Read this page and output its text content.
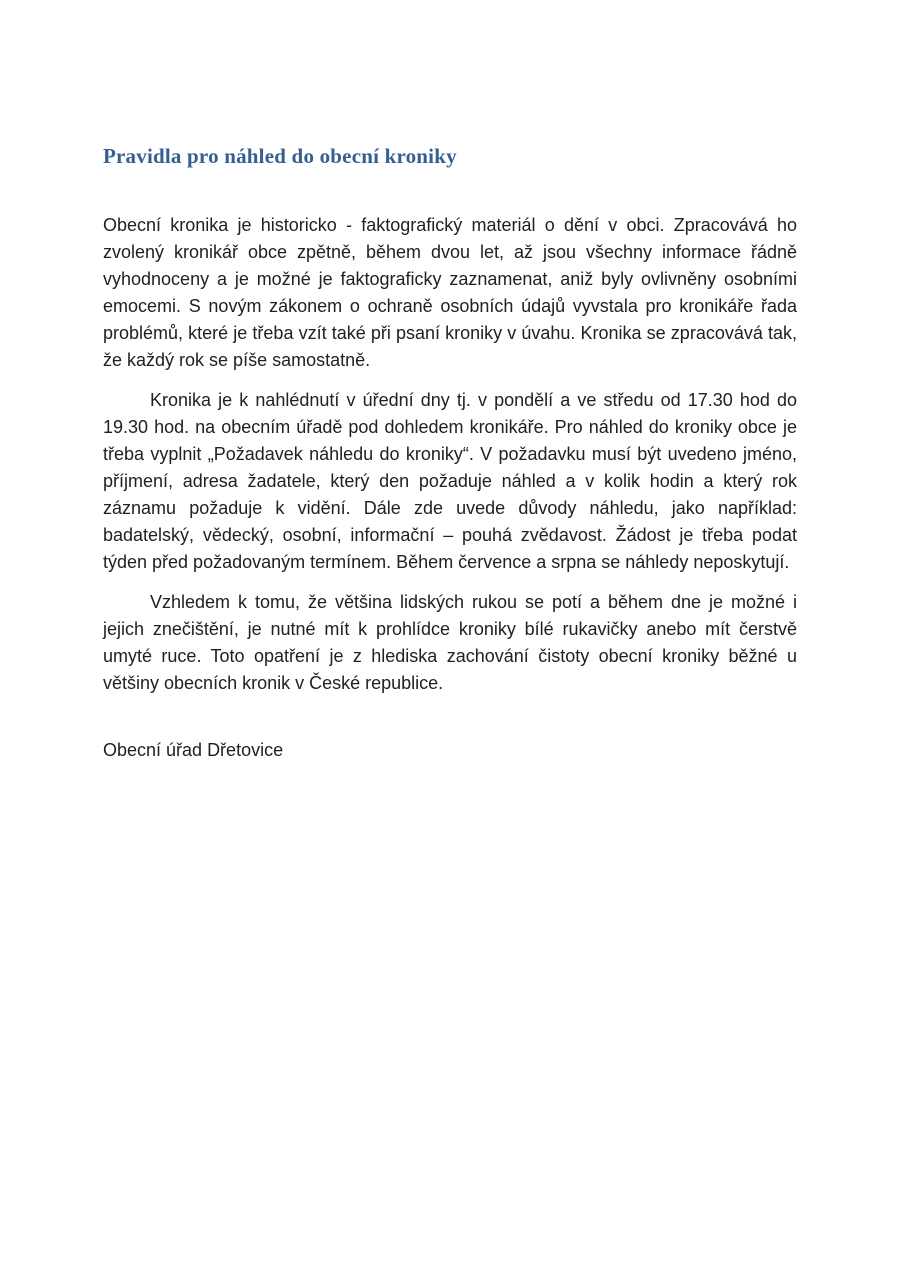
Pravidla pro náhled do obecní kroniky

Obecní kronika je historicko - faktografický materiál o dění v obci. Zpracovává ho zvolený kronikář obce zpětně, během dvou let, až jsou všechny informace řádně vyhodnoceny a je možné je faktograficky zaznamenat, aniž byly ovlivněny osobními emocemi. S novým zákonem o ochraně osobních údajů vyvstala pro kronikáře řada problémů, které je třeba vzít také při psaní kroniky v úvahu. Kronika se zpracovává tak, že každý rok se píše samostatně.

Kronika je k nahlédnutí v úřední dny tj. v pondělí a ve středu od 17.30 hod do 19.30 hod. na obecním úřadě pod dohledem kronikáře. Pro náhled do kroniky obce je třeba vyplnit „Požadavek náhledu do kroniky“. V požadavku musí být uvedeno jméno, příjmení, adresa žadatele, který den požaduje náhled a v kolik hodin a který rok záznamu požaduje k vidění. Dále zde uvede důvody náhledu, jako například: badatelský, vědecký, osobní, informační – pouhá zvědavost. Žádost je třeba podat týden před požadovaným termínem. Během července a srpna se náhledy neposkytují.

Vzhledem k tomu, že většina lidských rukou se potí a během dne je možné i jejich znečištění, je nutné mít k prohlídce kroniky bílé rukavičky anebo mít čerstvě umyté ruce. Toto opatření je z hlediska zachování čistoty obecní kroniky běžné u většiny obecních kronik v České republice.

Obecní úřad Dřetovice
